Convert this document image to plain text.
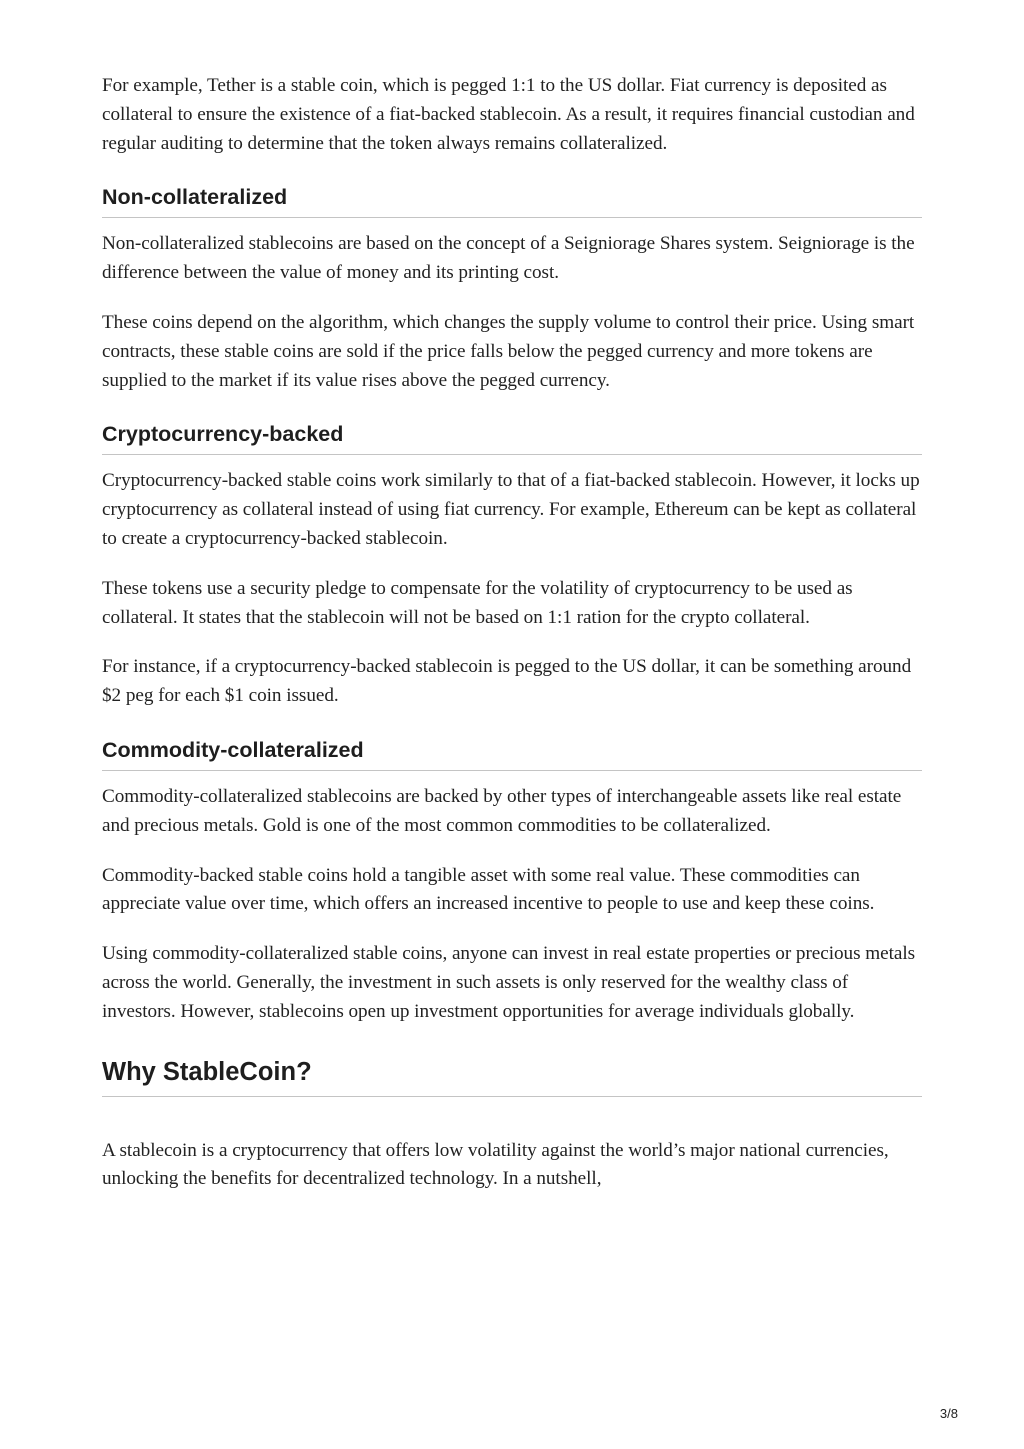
For example, Tether is a stable coin, which is pegged 1:1 to the US dollar. Fiat currency is deposited as collateral to ensure the existence of a fiat-backed stablecoin. As a result, it requires financial custodian and regular auditing to determine that the token always remains collateralized.

Non-collateralized

Non-collateralized stablecoins are based on the concept of a Seigniorage Shares system. Seigniorage is the difference between the value of money and its printing cost.

These coins depend on the algorithm, which changes the supply volume to control their price. Using smart contracts, these stable coins are sold if the price falls below the pegged currency and more tokens are supplied to the market if its value rises above the pegged currency.

Cryptocurrency-backed

Cryptocurrency-backed stable coins work similarly to that of a fiat-backed stablecoin. However, it locks up cryptocurrency as collateral instead of using fiat currency. For example, Ethereum can be kept as collateral to create a cryptocurrency-backed stablecoin.

These tokens use a security pledge to compensate for the volatility of cryptocurrency to be used as collateral. It states that the stablecoin will not be based on 1:1 ration for the crypto collateral.

For instance, if a cryptocurrency-backed stablecoin is pegged to the US dollar, it can be something around $2 peg for each $1 coin issued.

Commodity-collateralized

Commodity-collateralized stablecoins are backed by other types of interchangeable assets like real estate and precious metals. Gold is one of the most common commodities to be collateralized.

Commodity-backed stable coins hold a tangible asset with some real value. These commodities can appreciate value over time, which offers an increased incentive to people to use and keep these coins.

Using commodity-collateralized stable coins, anyone can invest in real estate properties or precious metals across the world. Generally, the investment in such assets is only reserved for the wealthy class of investors. However, stablecoins open up investment opportunities for average individuals globally.

Why StableCoin?

A stablecoin is a cryptocurrency that offers low volatility against the world’s major national currencies, unlocking the benefits for decentralized technology. In a nutshell,

3/8
